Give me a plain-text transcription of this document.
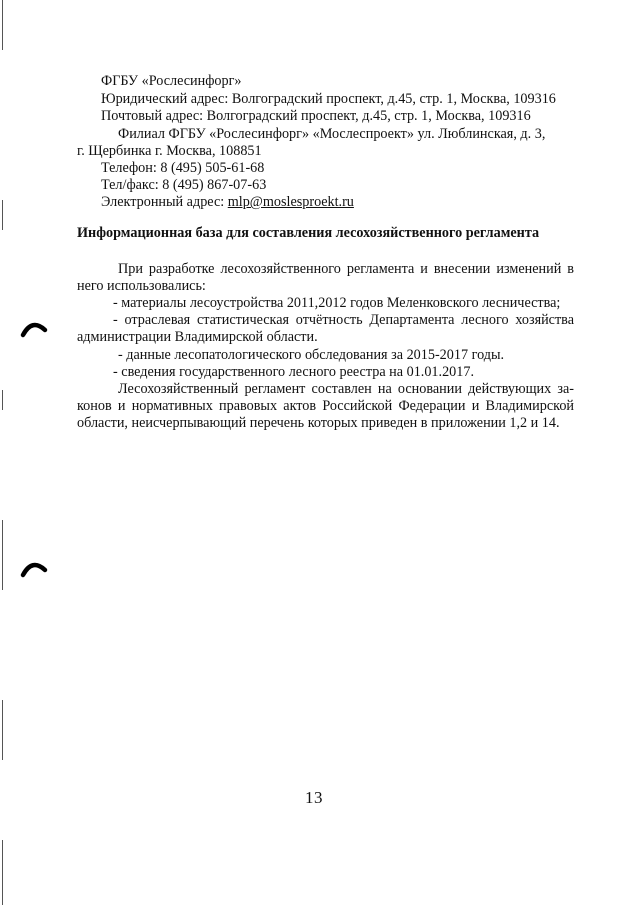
ФГБУ «Рослесинфорг»
Юридический адрес: Волгоградский проспект, д.45, стр. 1, Москва, 109316
Почтовый адрес: Волгоградский проспект, д.45, стр. 1, Москва, 109316
Филиал ФГБУ «Рослесинфорг» «Мослеспроект» ул. Люблинская, д. 3,
г. Щербинка г. Москва, 108851
Телефон: 8 (495) 505-61-68
Тел/факс: 8 (495) 867-07-63
Электронный адрес: mlp@moslesproekt.ru
Информационная база для составления лесохозяйственного регламента
При разработке лесохозяйственного регламента и внесении изменений в
него использовались:
- материалы лесоустройства 2011,2012 годов Меленковского лесничества;
- отраслевая статистическая отчётность Департамента лесного хозяйства
администрации Владимирской области.
- данные лесопатологического обследования за 2015-2017 годы.
- сведения государственного лесного реестра на 01.01.2017.
Лесохозяйственный регламент составлен на основании действующих за-
конов и нормативных правовых актов Российской Федерации и Владимирской
области, неисчерпывающий перечень которых приведен в приложении 1,2 и 14.
13
